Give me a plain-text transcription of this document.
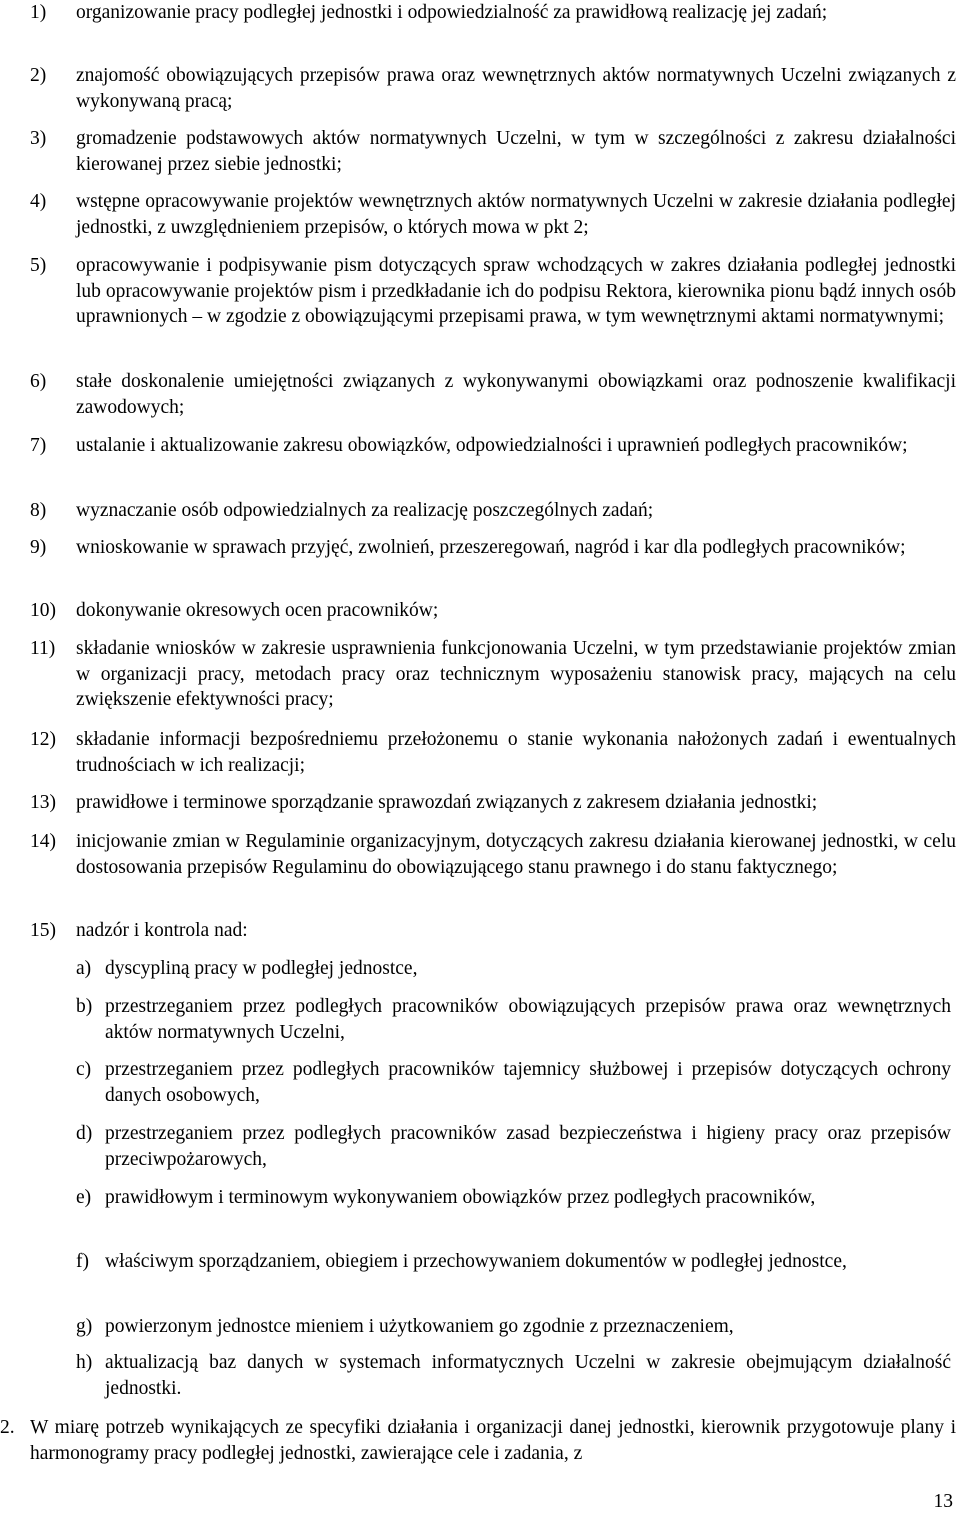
1) organizowanie pracy podległej jednostki i odpowiedzialność za prawidłową realizację jej zadań;
2) znajomość obowiązujących przepisów prawa oraz wewnętrznych aktów normatywnych Uczelni związanych z wykonywaną pracą;
3) gromadzenie podstawowych aktów normatywnych Uczelni, w tym w szczególności z zakresu działalności kierowanej przez siebie jednostki;
4) wstępne opracowywanie projektów wewnętrznych aktów normatywnych Uczelni w zakresie działania podległej jednostki, z uwzględnieniem przepisów, o których mowa w pkt 2;
5) opracowywanie i podpisywanie pism dotyczących spraw wchodzących w zakres działania podległej jednostki lub opracowywanie projektów pism i przedkładanie ich do podpisu Rektora, kierownika pionu bądź innych osób uprawnionych – w zgodzie z obowiązującymi przepisami prawa, w tym wewnętrznymi aktami normatywnymi;
6) stałe doskonalenie umiejętności związanych z wykonywanymi obowiązkami oraz podnoszenie kwalifikacji zawodowych;
7) ustalanie i aktualizowanie zakresu obowiązków, odpowiedzialności i uprawnień podległych pracowników;
8) wyznaczanie osób odpowiedzialnych za realizację poszczególnych zadań;
9) wnioskowanie w sprawach przyjęć, zwolnień, przeszeregowań, nagród i kar dla podległych pracowników;
10) dokonywanie okresowych ocen pracowników;
11) składanie wniosków w zakresie usprawnienia funkcjonowania Uczelni, w tym przedstawianie projektów zmian w organizacji pracy, metodach pracy oraz technicznym wyposażeniu stanowisk pracy, mających na celu zwiększenie efektywności pracy;
12) składanie informacji bezpośredniemu przełożonemu o stanie wykonania nałożonych zadań i ewentualnych trudnościach w ich realizacji;
13) prawidłowe i terminowe sporządzanie sprawozdań związanych z zakresem działania jednostki;
14) inicjowanie zmian w Regulaminie organizacyjnym, dotyczących zakresu działania kierowanej jednostki, w celu dostosowania przepisów Regulaminu do obowiązującego stanu prawnego i do stanu faktycznego;
15) nadzór i kontrola nad:
a) dyscypliną pracy w podległej jednostce,
b) przestrzeganiem przez podległych pracowników obowiązujących przepisów prawa oraz wewnętrznych aktów normatywnych Uczelni,
c) przestrzeganiem przez podległych pracowników tajemnicy służbowej i przepisów dotyczących ochrony danych osobowych,
d) przestrzeganiem przez podległych pracowników zasad bezpieczeństwa i higieny pracy oraz przepisów przeciwpożarowych,
e) prawidłowym i terminowym wykonywaniem obowiązków przez podległych pracowników,
f) właściwym sporządzaniem, obiegiem i przechowywaniem dokumentów w podległej jednostce,
g) powierzonym jednostce mieniem i użytkowaniem go zgodnie z przeznaczeniem,
h) aktualizacją baz danych w systemach informatycznych Uczelni w zakresie obejmującym działalność jednostki.
2. W miarę potrzeb wynikających ze specyfiki działania i organizacji danej jednostki, kierownik przygotowuje plany i harmonogramy pracy podległej jednostki, zawierające cele i zadania, z
13
